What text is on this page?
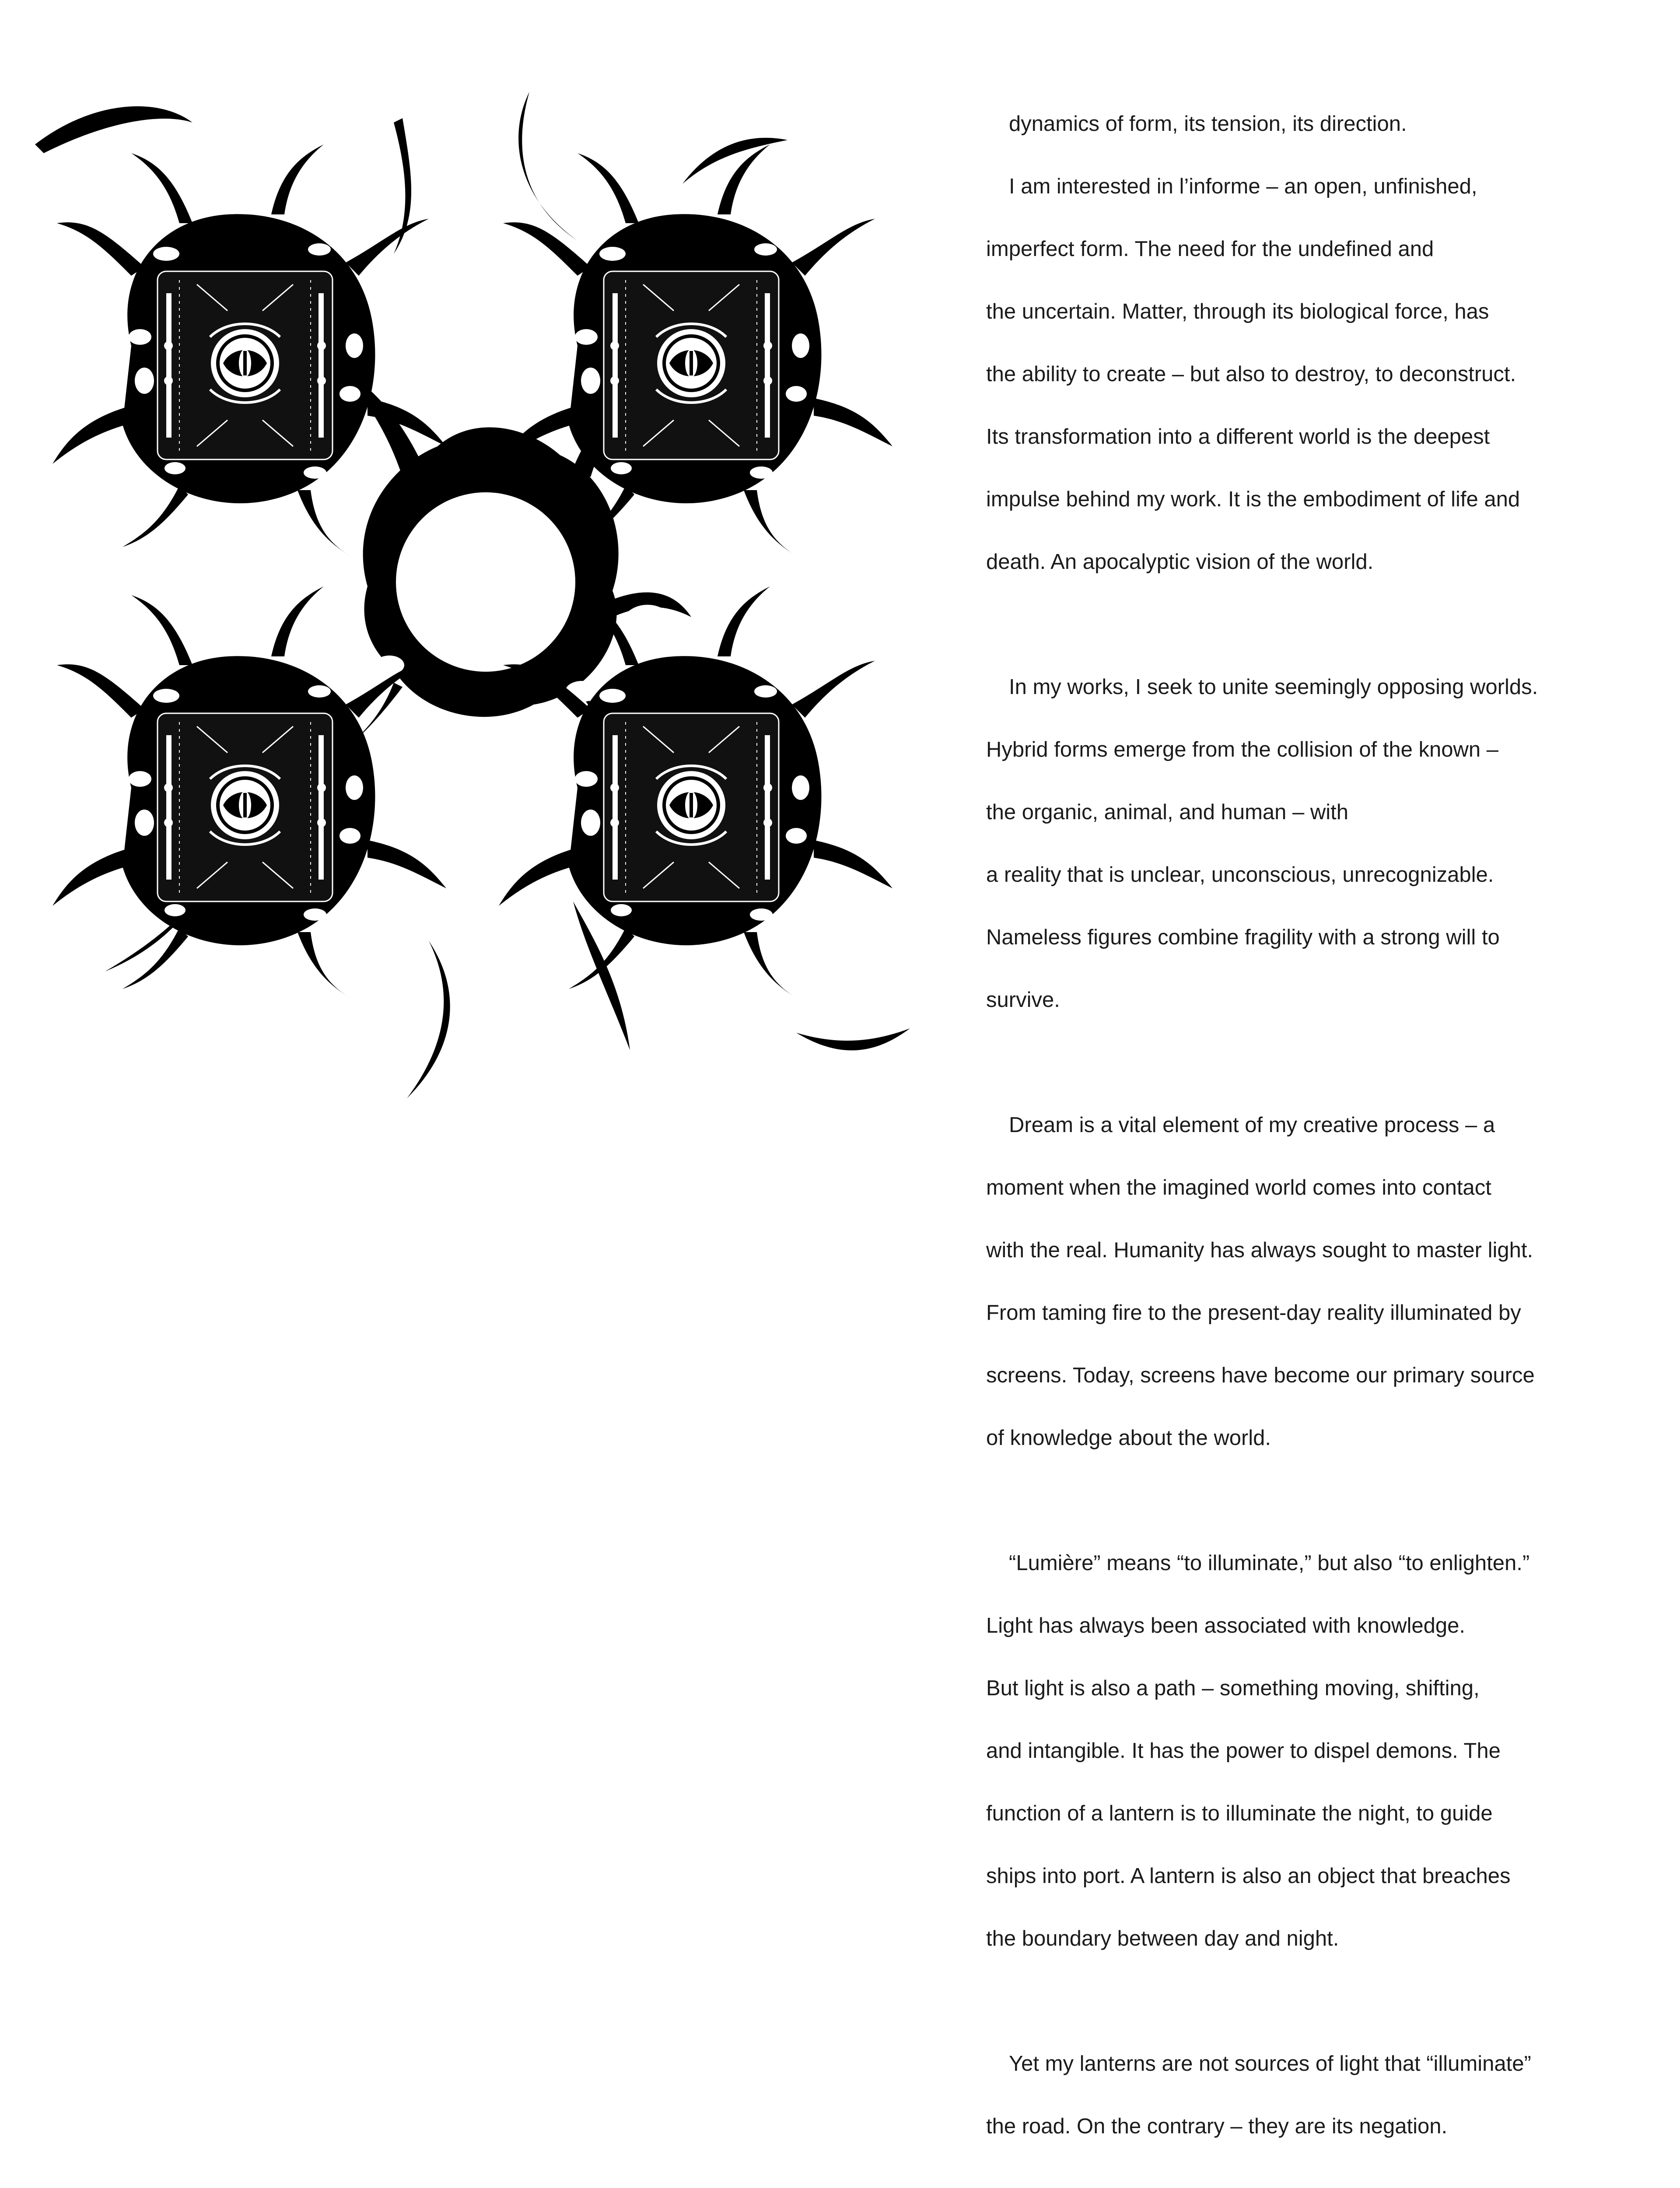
dynamics of form, its tension, its direction.

I am interested in l’informe – an open, unfinished,

imperfect form. The need for the undefined and

the uncertain. Matter, through its biological force, has

the ability to create – but also to destroy, to deconstruct.

Its transformation into a different world is the deepest

impulse behind my work. It is the embodiment of life and

death. An apocalyptic vision of the world.

In my works, I seek to unite seemingly opposing worlds.

Hybrid forms emerge from the collision of the known –

the organic, animal, and human – with

a reality that is unclear, unconscious, unrecognizable.

Nameless figures combine fragility with a strong will to

survive.

Dream is a vital element of my creative process – a

moment when the imagined world comes into contact

with the real. Humanity has always sought to master light.

From taming fire to the present-day reality illuminated by

screens. Today, screens have become our primary source

of knowledge about the world.

“Lumière” means “to illuminate,” but also “to enlighten.”

Light has always been associated with knowledge.

But light is also a path – something moving, shifting,

and intangible. It has the power to dispel demons. The

function of a lantern is to illuminate the night, to guide

ships into port. A lantern is also an object that breaches

the boundary between day and night.

Yet my lanterns are not sources of light that “illuminate”

the road. On the contrary – they are its negation.
